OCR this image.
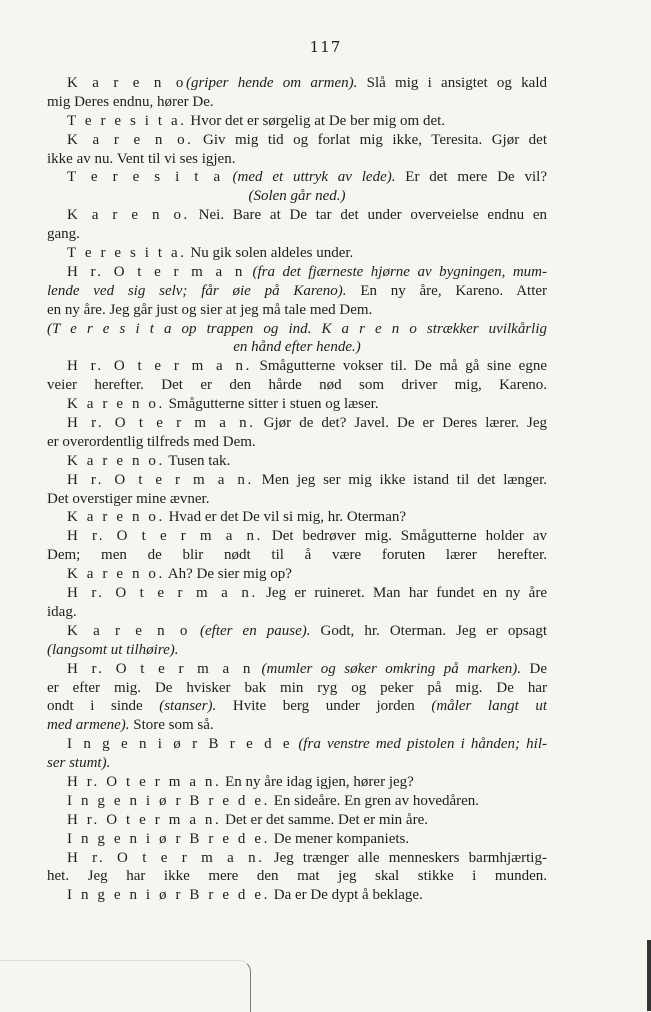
117
K a r e n o(griper hende om armen). Slå mig i ansigtet og kald
mig Deres endnu, hører De.
T e r e s i t a. Hvor det er sørgelig at De ber mig om det.
K a r e n o. Giv mig tid og forlat mig ikke, Teresita. Gjør det
ikke av nu. Vent til vi ses igjen.
T e r e s i t a (med et uttryk av lede). Er det mere De vil?
(Solen går ned.)
K a r e n o. Nei. Bare at De tar det under overveielse endnu en
gang.
T e r e s i t a. Nu gik solen aldeles under.
H r. O t e r m a n (fra det fjærneste hjørne av bygningen, mum-
lende ved sig selv; får øie på Kareno). En ny åre, Kareno. Atter
en ny åre. Jeg går just og sier at jeg må tale med Dem.
(T e r e s i t a op trappen og ind. K a r e n o strækker uvilkårlig
en hånd efter hende.)
H r. O t e r m a n. Smågutterne vokser til. De må gå sine egne
veier herefter. Det er den hårde nød som driver mig, Kareno.
K a r e n o. Smågutterne sitter i stuen og læser.
H r. O t e r m a n. Gjør de det? Javel. De er Deres lærer. Jeg
er overordentlig tilfreds med Dem.
K a r e n o. Tusen tak.
H r. O t e r m a n. Men jeg ser mig ikke istand til det længer.
Det overstiger mine ævner.
K a r e n o. Hvad er det De vil si mig, hr. Oterman?
H r. O t e r m a n. Det bedrøver mig. Smågutterne holder av
Dem; men de blir nødt til å være foruten lærer herefter.
K a r e n o. Ah? De sier mig op?
H r. O t e r m a n. Jeg er ruineret. Man har fundet en ny åre
idag.
K a r e n o (efter en pause). Godt, hr. Oterman. Jeg er opsagt
(langsomt ut tilhøire).
H r. O t e r m a n (mumler og søker omkring på marken). De
er efter mig. De hvisker bak min ryg og peker på mig. De har
ondt i sinde (stanser). Hvite berg under jorden (måler langt ut
med armene). Store som så.
I n g e n i ø r B r e d e (fra venstre med pistolen i hånden; hil-
ser stumt).
H r. O t e r m a n. En ny åre idag igjen, hører jeg?
I n g e n i ø r B r e d e. En sideåre. En gren av hovedåren.
H r. O t e r m a n. Det er det samme. Det er min åre.
I n g e n i ø r B r e d e. De mener kompaniets.
H r. O t e r m a n. Jeg trænger alle menneskers barmhjærtig-
het. Jeg har ikke mere den mat jeg skal stikke i munden.
I n g e n i ø r B r e d e. Da er De dypt å beklage.
